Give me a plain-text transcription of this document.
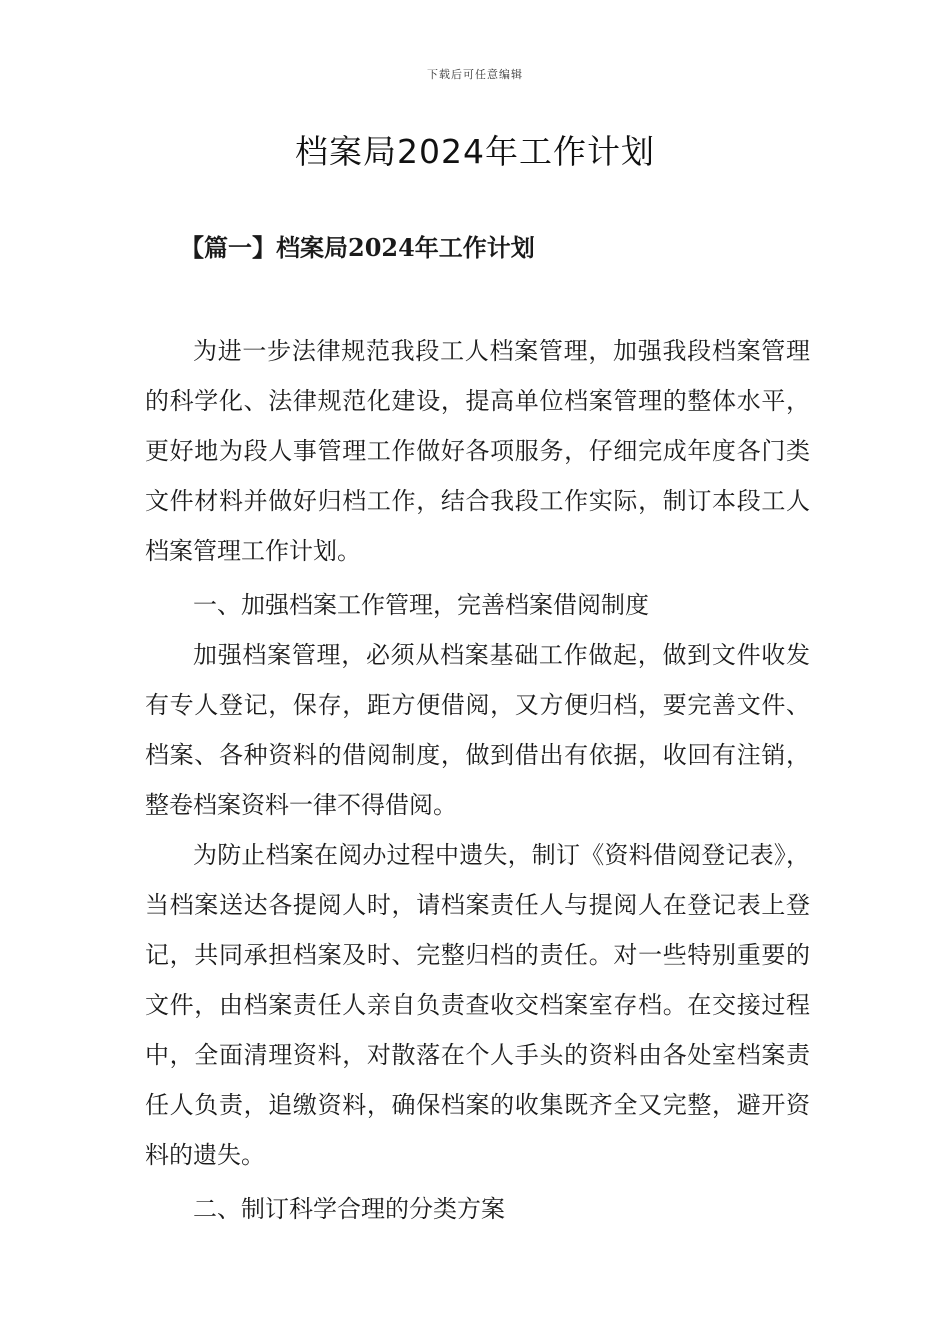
下载后可任意编辑
档案局2024年工作计划
【篇一】档案局2024年工作计划

为进一步法律规范我段工人档案管理，加强我段档案管理的科学化、法律规范化建设，提高单位档案管理的整体水平，更好地为段人事管理工作做好各项服务，仔细完成年度各门类文件材料并做好归档工作，结合我段工作实际，制订本段工人档案管理工作计划。

一、加强档案工作管理，完善档案借阅制度

加强档案管理，必须从档案基础工作做起，做到文件收发有专人登记，保存，距方便借阅，又方便归档，要完善文件、档案、各种资料的借阅制度，做到借出有依据，收回有注销，整卷档案资料一律不得借阅。

为防止档案在阅办过程中遗失，制订《资料借阅登记表》，当档案送达各提阅人时，请档案责任人与提阅人在登记表上登记，共同承担档案及时、完整归档的责任。对一些特别重要的文件，由档案责任人亲自负责查收交档案室存档。在交接过程中，全面清理资料，对散落在个人手头的资料由各处室档案责任人负责，追缴资料，确保档案的收集既齐全又完整，避开资料的遗失。

二、制订科学合理的分类方案
